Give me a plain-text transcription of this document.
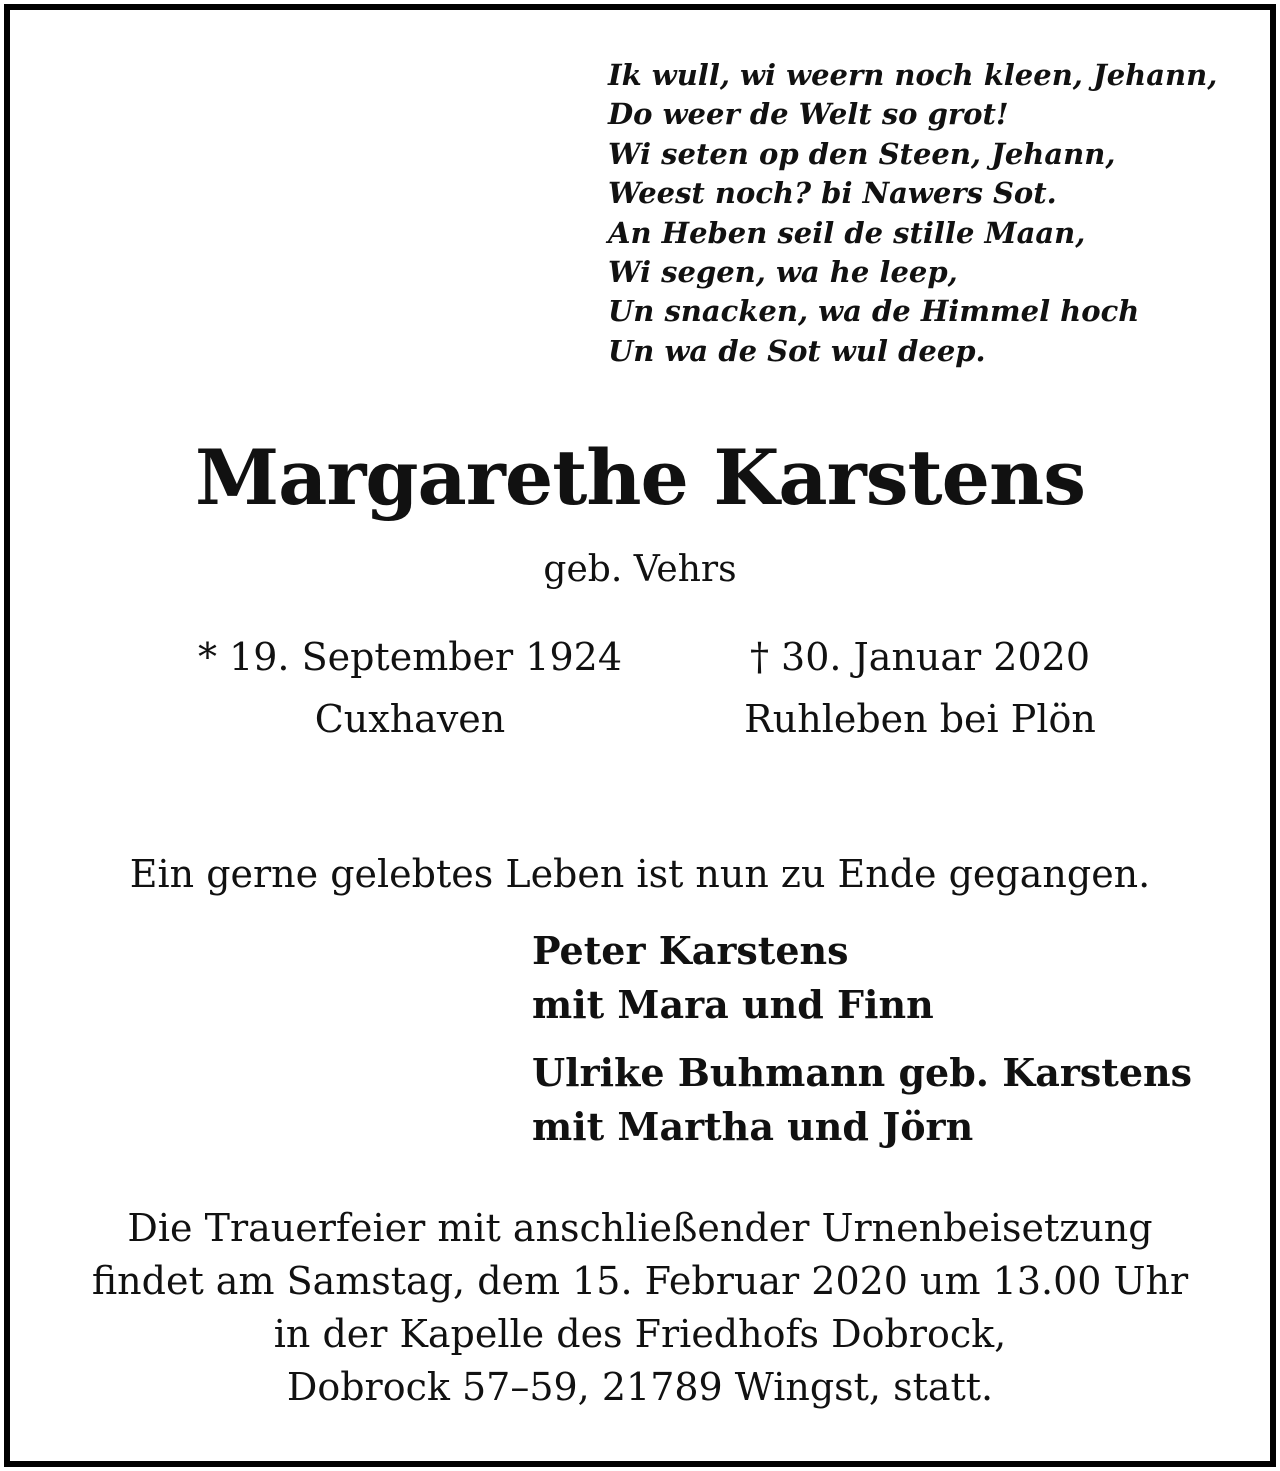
Ik wull, wi weern noch kleen, Jehann,
Do weer de Welt so grot!
Wi seten op den Steen, Jehann,
Weest noch? bi Nawers Sot.
An Heben seil de stille Maan,
Wi segen, wa he leep,
Un snacken, wa de Himmel hoch
Un wa de Sot wul deep.
Margarethe Karstens
geb. Vehrs
* 19. September 1924
Cuxhaven
† 30. Januar 2020
Ruhleben bei Plön
Ein gerne gelebtes Leben ist nun zu Ende gegangen.
Peter Karstens
mit Mara und Finn
Ulrike Buhmann geb. Karstens
mit Martha und Jörn
Die Trauerfeier mit anschließender Urnenbeisetzung
findet am Samstag, dem 15. Februar 2020 um 13.00 Uhr
in der Kapelle des Friedhofs Dobrock,
Dobrock 57–59, 21789 Wingst, statt.
